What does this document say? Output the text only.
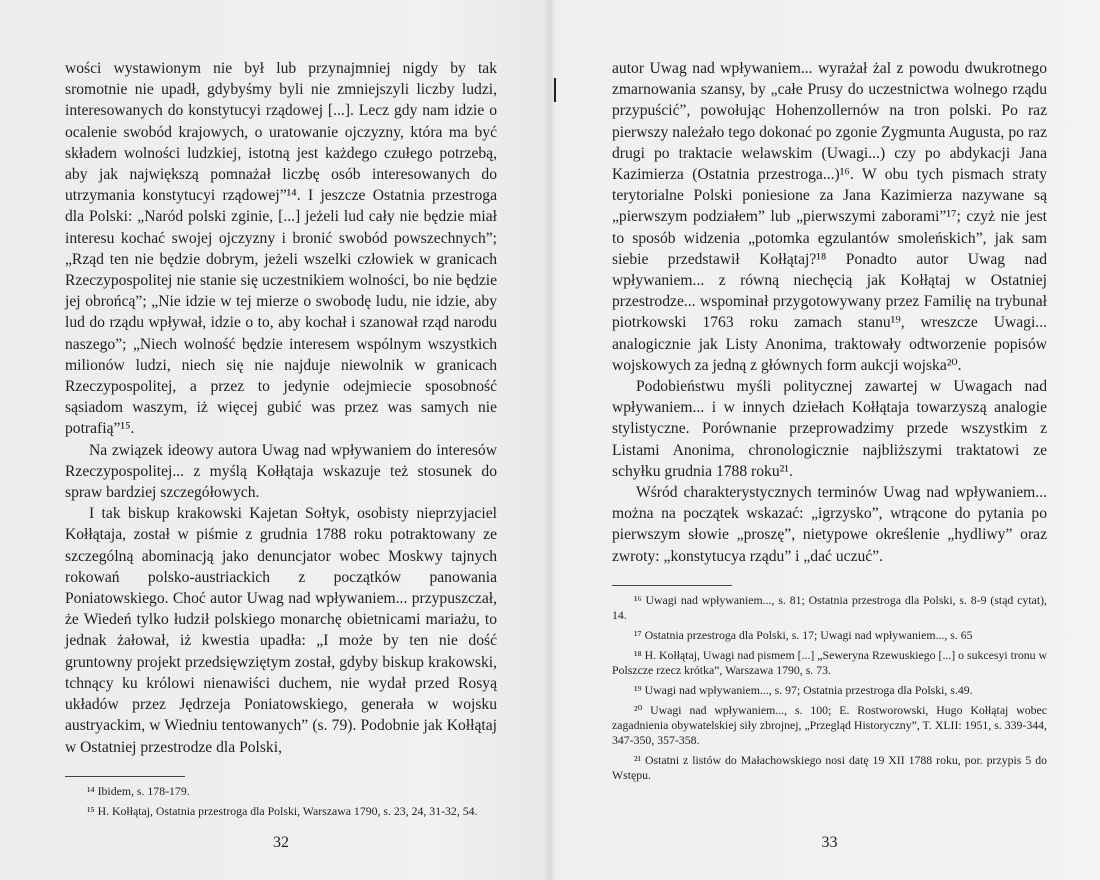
wości wystawionym nie był lub przynajmniej nigdy by tak sromotnie nie upadł, gdybyśmy byli nie zmniejszyli liczby ludzi, interesowanych do konstytucyi rządowej [...]. Lecz gdy nam idzie o ocalenie swobód krajowych, o uratowanie ojczyzny, która ma być składem wolności ludzkiej, istotną jest każdego czułego potrzebą, aby jak największą pomnażał liczbę osób interesowanych do utrzymania konstytucyi rządowej”¹⁴. I jeszcze Ostatnia przestroga dla Polski: „Naród polski zginie, [...] jeżeli lud cały nie będzie miał interesu kochać swojej ojczyzny i bronić swobód powszechnych”; „Rząd ten nie będzie dobrym, jeżeli wszelki człowiek w granicach Rzeczypospolitej nie stanie się uczestnikiem wolności, bo nie będzie jej obrońcą”; „Nie idzie w tej mierze o swobodę ludu, nie idzie, aby lud do rządu wpływał, idzie o to, aby kochał i szanował rząd narodu naszego”; „Niech wolność będzie interesem wspólnym wszystkich milionów ludzi, niech się nie najduje niewolnik w granicach Rzeczypospolitej, a przez to jedynie odejmiecie sposobność sąsiadom waszym, iż więcej gubić was przez was samych nie potrafią”¹⁵.

Na związek ideowy autora Uwag nad wpływaniem do interesów Rzeczypospolitej... z myślą Kołłątaja wskazuje też stosunek do spraw bardziej szczegółowych.

I tak biskup krakowski Kajetan Sołtyk, osobisty nieprzyjaciel Kołłątaja, został w piśmie z grudnia 1788 roku potraktowany ze szczególną abominacją jako denuncjator wobec Moskwy tajnych rokowań polsko-austriackich z początków panowania Poniatowskiego. Choć autor Uwag nad wpływaniem... przypuszczał, że Wiedeń tylko łudził polskiego monarchę obietnicami mariażu, to jednak żałował, iż kwestia upadła: „I może by ten nie dość gruntowny projekt przedsięwziętym został, gdyby biskup krakowski, tchnący ku królowi nienawiści duchem, nie wydał przed Rosyą układów przez Jędrzeja Poniatowskiego, generała w wojsku austryackim, w Wiedniu tentowanych” (s. 79). Podobnie jak Kołłątaj w Ostatniej przestrodze dla Polski,

¹⁴ Ibidem, s. 178-179.

¹⁵ H. Kołłątaj, Ostatnia przestroga dla Polski, Warszawa 1790, s. 23, 24, 31-32, 54.

32

autor Uwag nad wpływaniem... wyrażał żal z powodu dwukrotnego zmarnowania szansy, by „całe Prusy do uczestnictwa wolnego rządu przypuścić”, powołując Hohenzollernów na tron polski. Po raz pierwszy należało tego dokonać po zgonie Zygmunta Augusta, po raz drugi po traktacie welawskim (Uwagi...) czy po abdykacji Jana Kazimierza (Ostatnia przestroga...)¹⁶. W obu tych pismach straty terytorialne Polski poniesione za Jana Kazimierza nazywane są „pierwszym podziałem” lub „pierwszymi zaborami”¹⁷; czyż nie jest to sposób widzenia „potomka egzulantów smoleńskich”, jak sam siebie przedstawił Kołłątaj?¹⁸ Ponadto autor Uwag nad wpływaniem... z równą niechęcią jak Kołłątaj w Ostatniej przestrodze... wspominał przygotowywany przez Familię na trybunał piotrkowski 1763 roku zamach stanu¹⁹, wreszcze Uwagi... analogicznie jak Listy Anonima, traktowały odtworzenie popisów wojskowych za jedną z głównych form aukcji wojska²⁰.

Podobieństwu myśli politycznej zawartej w Uwagach nad wpływaniem... i w innych dziełach Kołłątaja towarzyszą analogie stylistyczne. Porównanie przeprowadzimy przede wszystkim z Listami Anonima, chronologicznie najbliższymi traktatowi ze schyłku grudnia 1788 roku²¹.

Wśród charakterystycznych terminów Uwag nad wpływaniem... można na początek wskazać: „igrzysko”, wtrącone do pytania po pierwszym słowie „proszę”, nietypowe określenie „hydliwy” oraz zwroty: „konstytucya rządu” i „dać uczuć”.

¹⁶ Uwagi nad wpływaniem..., s. 81; Ostatnia przestroga dla Polski, s. 8-9 (stąd cytat), 14.

¹⁷ Ostatnia przestroga dla Polski, s. 17; Uwagi nad wpływaniem..., s. 65

¹⁸ H. Kołłątaj, Uwagi nad pismem [...] „Seweryna Rzewuskiego [...] o sukcesyi tronu w Polszcze rzecz krótka”, Warszawa 1790, s. 73.

¹⁹ Uwagi nad wpływaniem..., s. 97; Ostatnia przestroga dla Polski, s.49.

²⁰ Uwagi nad wpływaniem..., s. 100; E. Rostworowski, Hugo Kołłątaj wobec zagadnienia obywatelskiej siły zbrojnej, „Przegląd Historyczny”, T. XLII: 1951, s. 339-344, 347-350, 357-358.

²¹ Ostatni z listów do Małachowskiego nosi datę 19 XII 1788 roku, por. przypis 5 do Wstępu.

33
